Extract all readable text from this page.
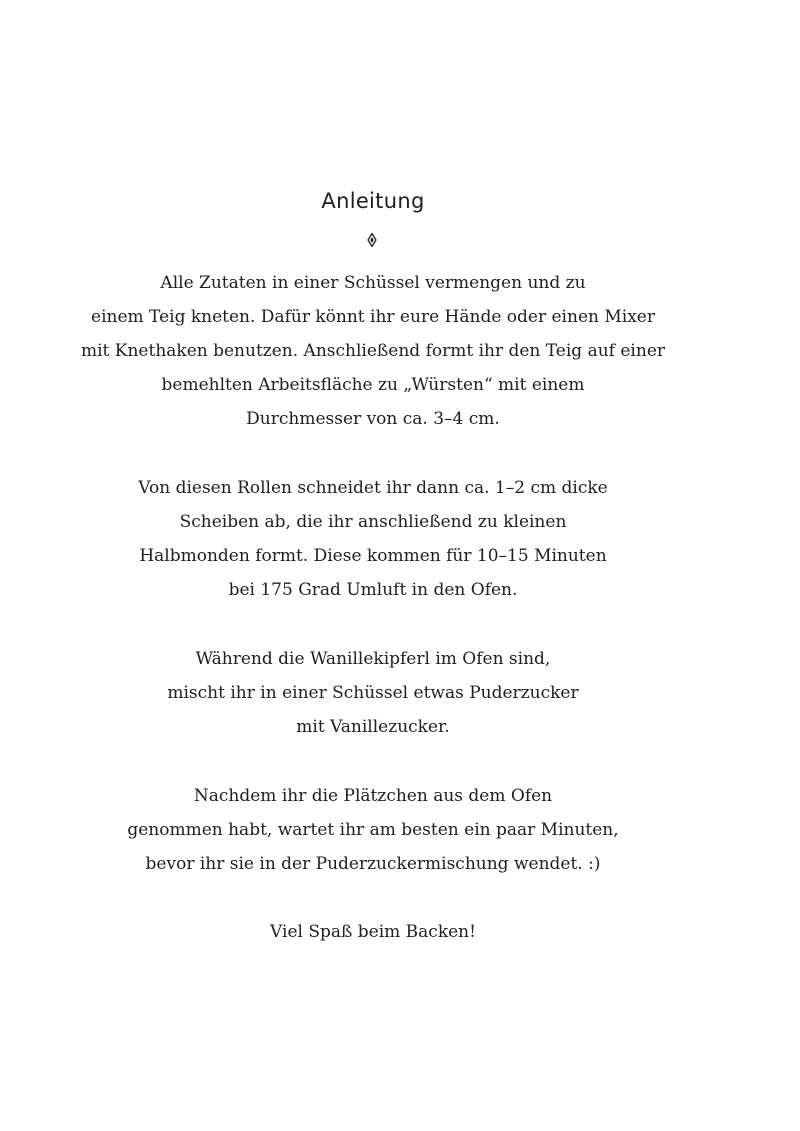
Anleitung

Alle Zutaten in einer Schüssel vermengen und zu

einem Teig kneten. Dafür könnt ihr eure Hände oder einen Mixer

mit Knethaken benutzen. Anschließend formt ihr den Teig auf einer

bemehlten Arbeitsfläche zu „Würsten“ mit einem

Durchmesser von ca. 3–4 cm.

Von diesen Rollen schneidet ihr dann ca. 1–2 cm dicke

Scheiben ab, die ihr anschließend zu kleinen

Halbmonden formt. Diese kommen für 10–15 Minuten

bei 175 Grad Umluft in den Ofen.

Während die Wanillekipferl im Ofen sind,

mischt ihr in einer Schüssel etwas Puderzucker

mit Vanillezucker.

Nachdem ihr die Plätzchen aus dem Ofen

genommen habt, wartet ihr am besten ein paar Minuten,

bevor ihr sie in der Puderzuckermischung wendet. :)

Viel Spaß beim Backen!
